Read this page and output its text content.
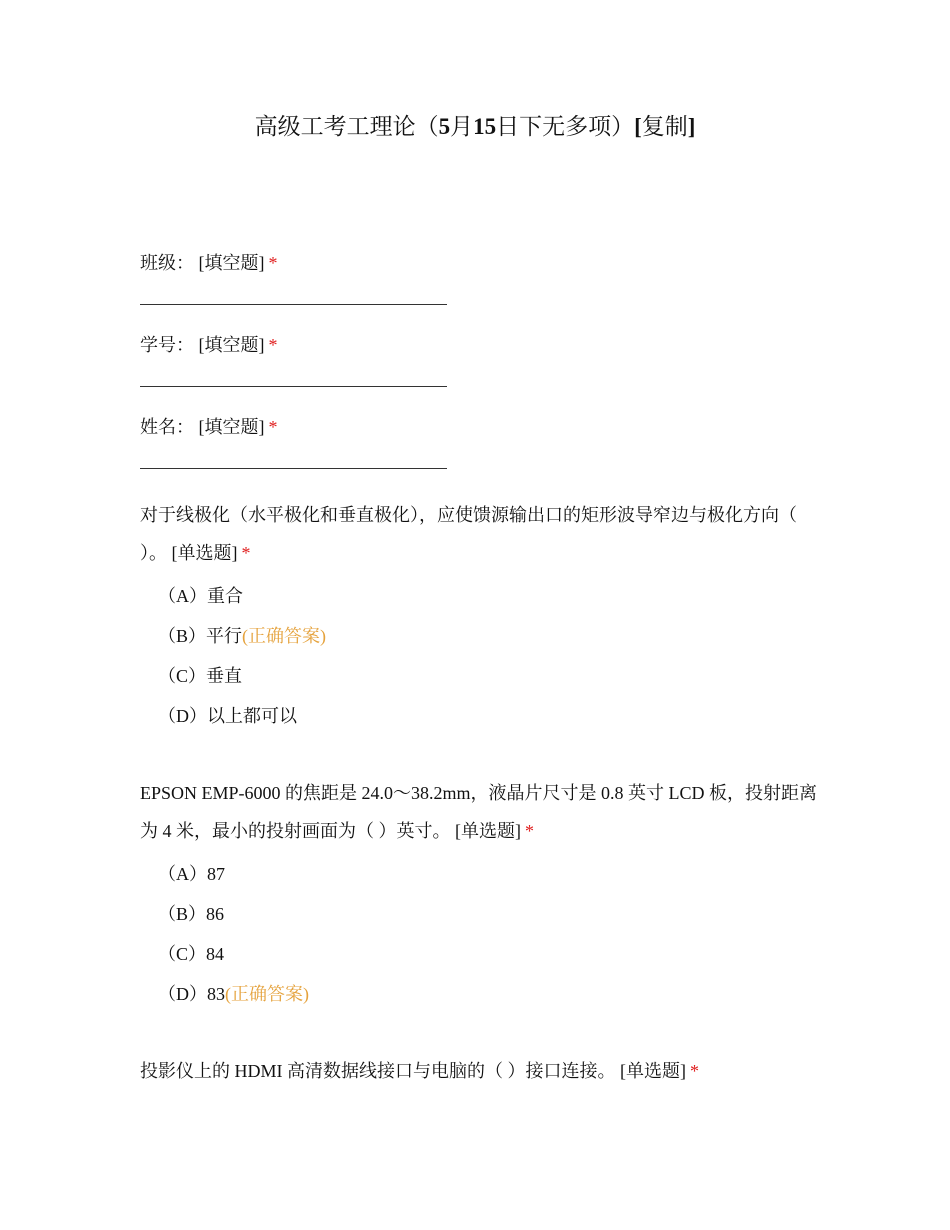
高级工考工理论（5月15日下无多项）[复制]

班级： [填空题] *

学号： [填空题] *

姓名： [填空题] *

对于线极化（水平极化和垂直极化），应使馈源输出口的矩形波导窄边与极化方向（ ）。 [单选题] *

（A）重合
（B）平行(正确答案)
（C）垂直
（D）以上都可以

EPSON EMP-6000 的焦距是 24.0～38.2mm，液晶片尺寸是 0.8 英寸 LCD 板，投射距离为 4 米，最小的投射画面为（ ）英寸。 [单选题] *

（A）87
（B）86
（C）84
（D）83(正确答案)

投影仪上的 HDMI 高清数据线接口与电脑的（ ）接口连接。 [单选题] *
